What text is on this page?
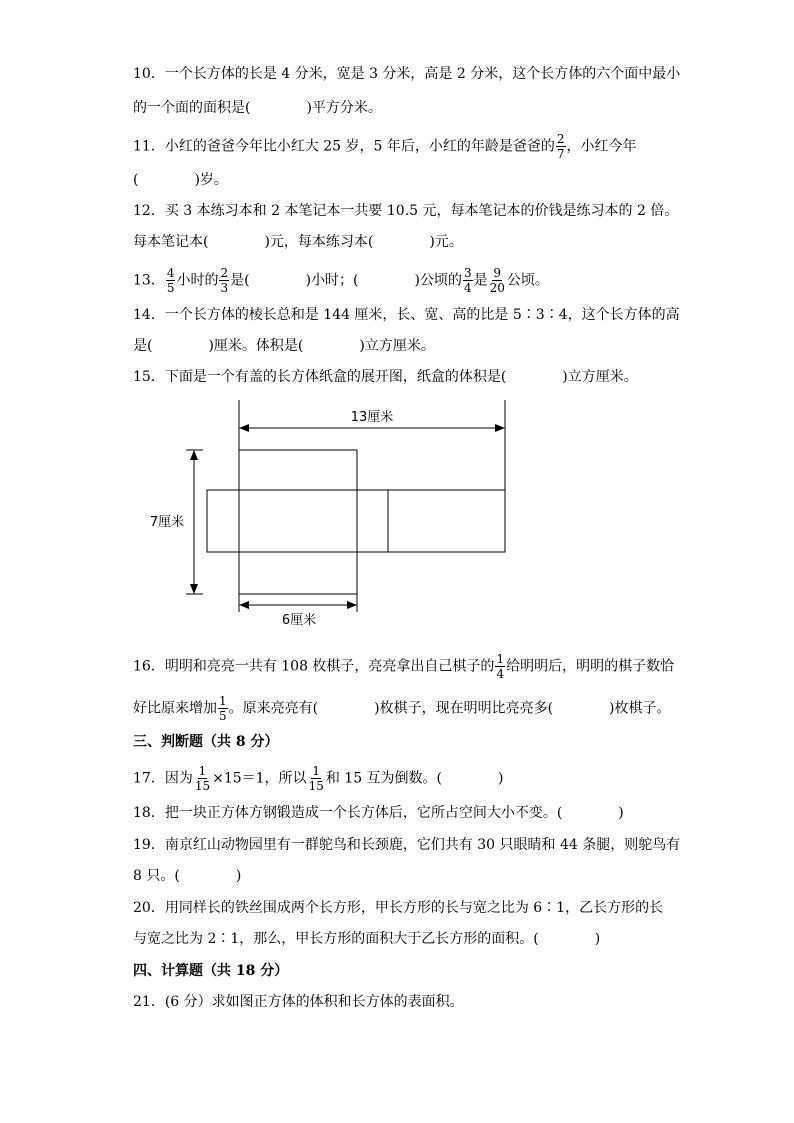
10．一个长方体的长是 4 分米，宽是 3 分米，高是 2 分米，这个长方体的六个面中最小
的一个面的面积是(　　　　)平方分米。
11．小红的爸爸今年比小红大 25 岁，5 年后，小红的年龄是爸爸的 $\frac{2}{7}$ ，小红今年
(　　　　)岁。
12．买 3 本练习本和 2 本笔记本一共要 10.5 元，每本笔记本的价钱是练习本的 2 倍。
每本笔记本(　　　　)元，每本练习本(　　　　)元。
13． $\frac{4}{5}$ 小时的 $\frac{2}{3}$ 是(　　　　)小时；(　　　　)公顷的 $\frac{3}{4}$ 是 $\frac{9}{20}$ 公顷。
14．一个长方体的棱长总和是 144 厘米，长、宽、高的比是 5∶3∶4，这个长方体的高
是(　　　　)厘米。体积是(　　　　)立方厘米。
15．下面是一个有盖的长方体纸盒的展开图，纸盒的体积是(　　　　)立方厘米。
13厘米
7厘米
6厘米
16．明明和亮亮一共有 108 枚棋子，亮亮拿出自己棋子的 $\frac{1}{4}$ 给明明后，明明的棋子数恰
好比原来增加 $\frac{1}{5}$ 。原来亮亮有(　　　　)枚棋子，现在明明比亮亮多(　　　　)枚棋子。
三、判断题（共 8 分）
17．因为 $\frac{1}{15} \times 15=1$，所以 $\frac{1}{15}$ 和 15 互为倒数。(　　　　)
18．把一块正方体方钢锻造成一个长方体后，它所占空间大小不变。(　　　　)
19．南京红山动物园里有一群鸵鸟和长颈鹿，它们共有 30 只眼睛和 44 条腿，则鸵鸟有
8 只。(　　　　)
20．用同样长的铁丝围成两个长方形，甲长方形的长与宽之比为 6∶1，乙长方形的长
与宽之比为 2∶1，那么，甲长方形的面积大于乙长方形的面积。(　　　　)
四、计算题（共 18 分）
21．(6 分）求如图正方体的体积和长方体的表面积。
